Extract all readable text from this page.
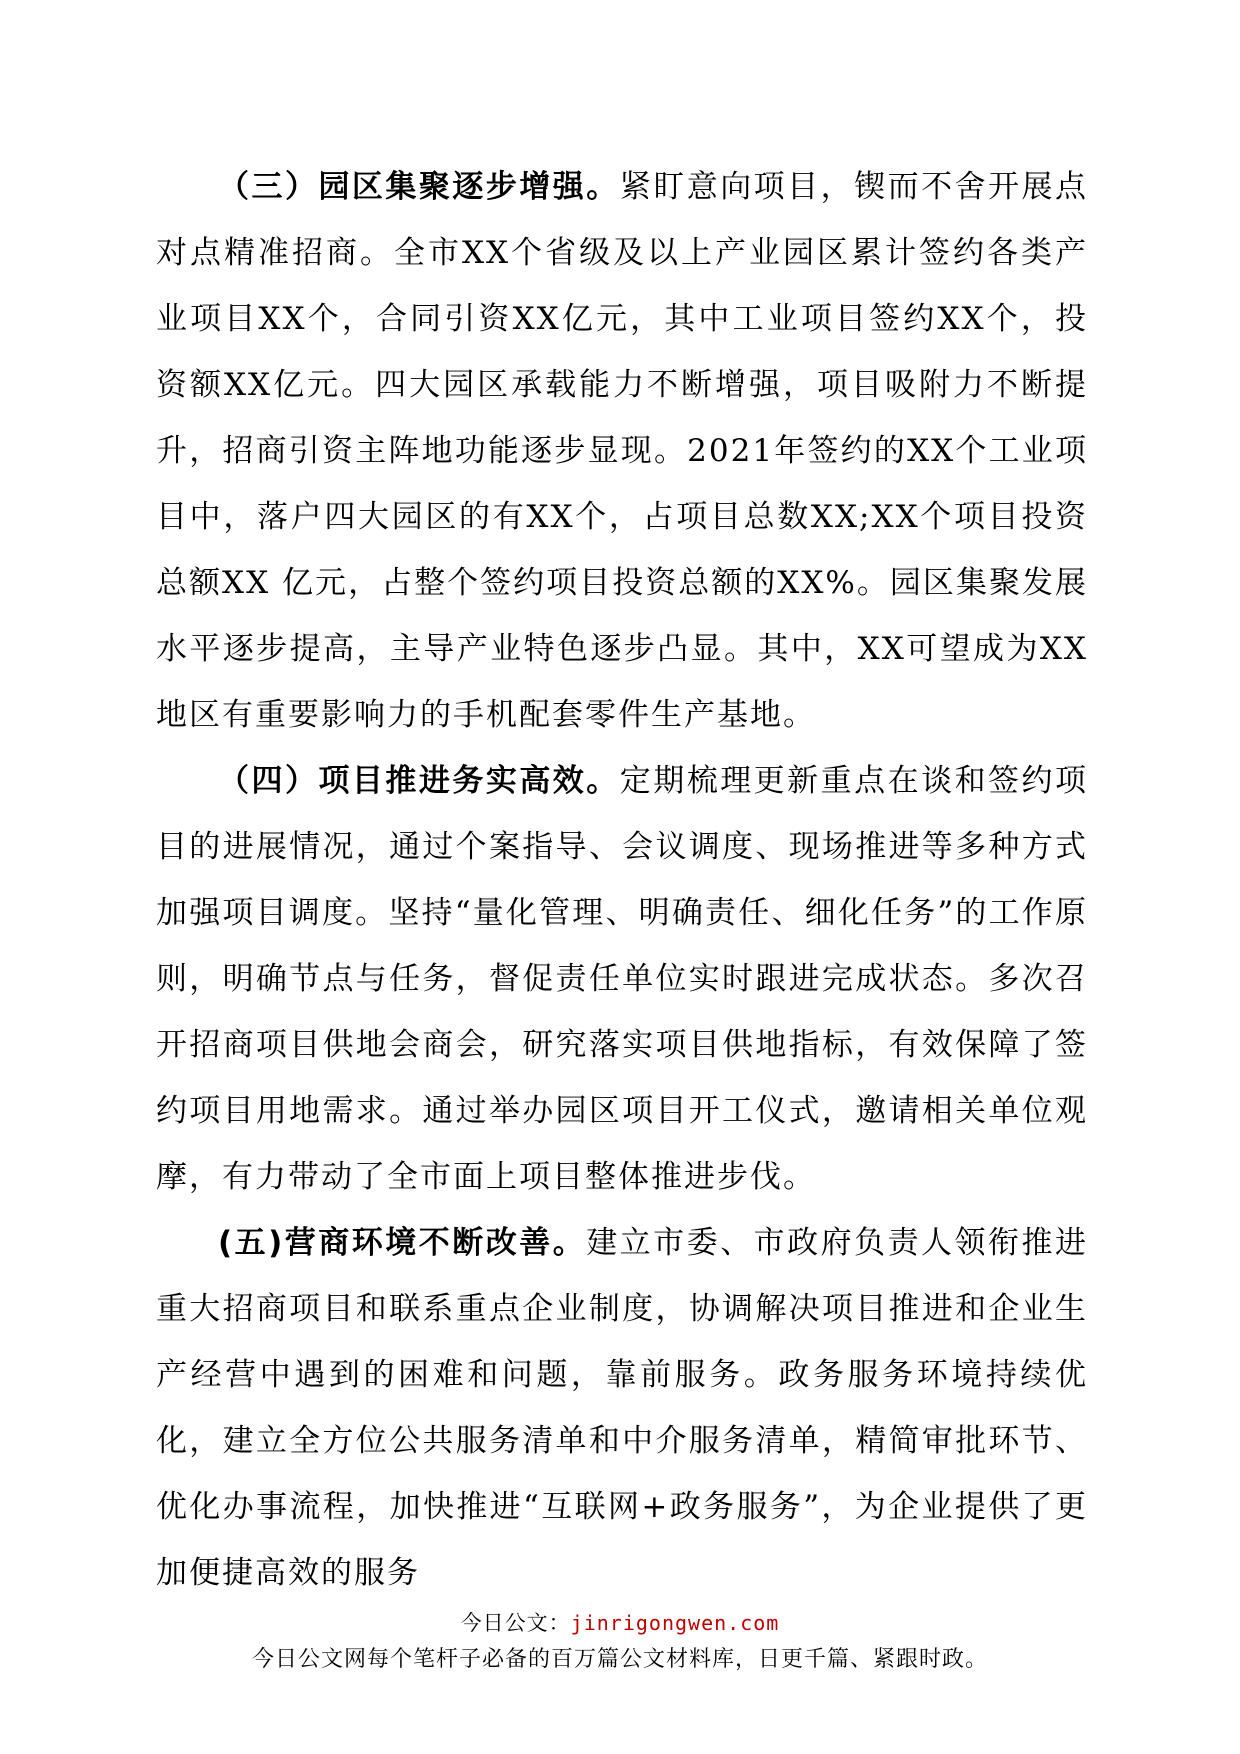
（三）园区集聚逐步增强。紧盯意向项目，锲而不舍开展点对点精准招商。全市XX个省级及以上产业园区累计签约各类产业项目XX个，合同引资XX亿元，其中工业项目签约XX个，投资额XX亿元。四大园区承载能力不断增强，项目吸附力不断提升，招商引资主阵地功能逐步显现。2021年签约的XX个工业项目中，落户四大园区的有XX个，占项目总数XX;XX个项目投资总额XX 亿元，占整个签约项目投资总额的XX%。园区集聚发展水平逐步提高，主导产业特色逐步凸显。其中，XX可望成为XX地区有重要影响力的手机配套零件生产基地。

（四）项目推进务实高效。定期梳理更新重点在谈和签约项目的进展情况，通过个案指导、会议调度、现场推进等多种方式加强项目调度。坚持“量化管理、明确责任、细化任务”的工作原则，明确节点与任务，督促责任单位实时跟进完成状态。多次召开招商项目供地会商会，研究落实项目供地指标，有效保障了签约项目用地需求。通过举办园区项目开工仪式，邀请相关单位观摩，有力带动了全市面上项目整体推进步伐。

(五)营商环境不断改善。建立市委、市政府负责人领衔推进重大招商项目和联系重点企业制度，协调解决项目推进和企业生产经营中遇到的困难和问题，靠前服务。政务服务环境持续优化，建立全方位公共服务清单和中介服务清单，精简审批环节、优化办事流程，加快推进“互联网+政务服务”，为企业提供了更加便捷高效的服务

今日公文：jinrigongwen.com
今日公文网每个笔杆子必备的百万篇公文材料库，日更千篇、紧跟时政。
